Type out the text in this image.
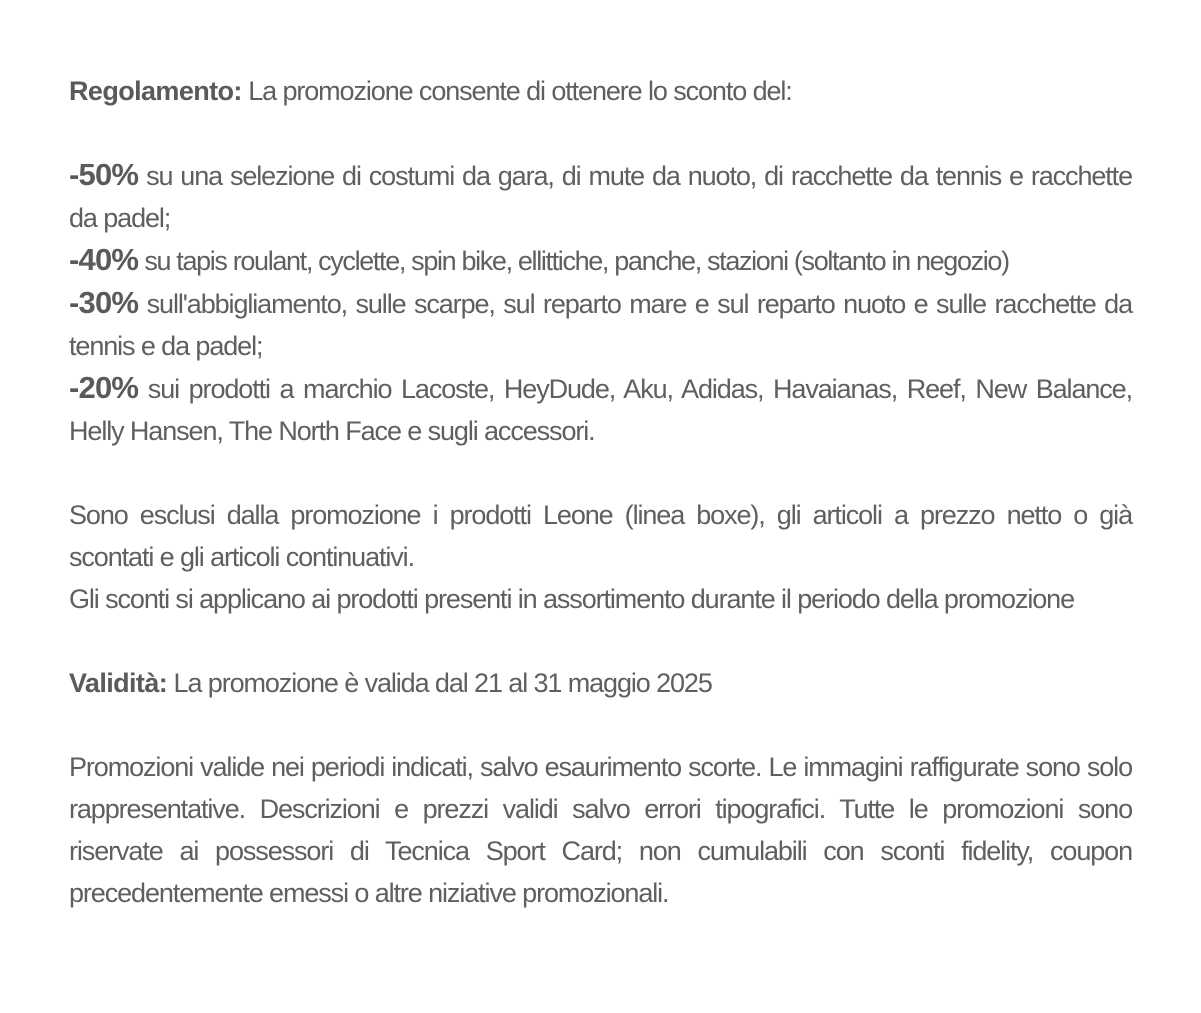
Regolamento: La promozione consente di ottenere lo sconto del:

-50% su una selezione di costumi da gara, di mute da nuoto, di racchette da tennis e racchette da padel;

-40% su tapis roulant, cyclette, spin bike, ellittiche, panche, stazioni (soltanto in negozio)

-30% sull'abbigliamento, sulle scarpe, sul reparto mare e sul reparto nuoto e sulle racchette da tennis e da padel;

-20% sui prodotti a marchio Lacoste, HeyDude, Aku, Adidas, Havaianas, Reef, New Balance, Helly Hansen, The North Face e sugli accessori.

Sono esclusi dalla promozione i prodotti Leone (linea boxe), gli articoli a prezzo netto o già scontati e gli articoli continuativi.

Gli sconti si applicano ai prodotti presenti in assortimento durante il periodo della promozione

Validità: La promozione è valida dal 21 al 31 maggio 2025

Promozioni valide nei periodi indicati, salvo esaurimento scorte. Le immagini raffigurate sono solo rappresentative. Descrizioni e prezzi validi salvo errori tipografici. Tutte le promozioni sono riservate ai possessori di Tecnica Sport Card; non cumulabili con sconti fidelity, coupon precedentemente emessi o altre niziative promozionali.
